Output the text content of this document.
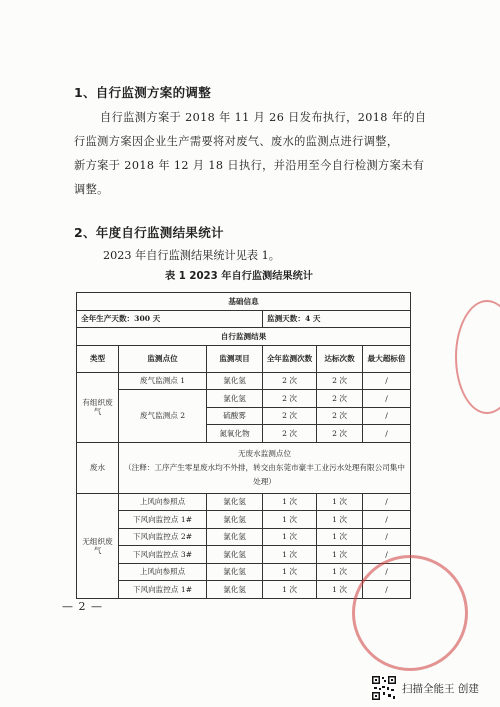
1、自行监测方案的调整
自行监测方案于 2018 年 11 月 26 日发布执行，2018 年的自
行监测方案因企业生产需要将对废气、废水的监测点进行调整，
新方案于 2018 年 12 月 18 日执行，并沿用至今自行检测方案未有
调整。
2、年度自行监测结果统计
2023 年自行监测结果统计见表 1。
表 1 2023 年自行监测结果统计
基础信息					
全年生产天数：300 天			监测天数：4 天		
自行监测结果					
类型	监测点位	监测项目	全年监测次数	达标次数	最大超标倍
有组织废气	废气监测点 1	氯化氢	2 次	2 次	/
	废气监测点 2	氯化氢	2 次	2 次	/
		硫酸雾	2 次	2 次	/
		氮氧化物	2 次	2 次	/
废水	无废水监测点位
（注释：工序产生零星废水均不外排，转交由东莞市豪丰工业污水处理有限公司集中处理）				
无组织废气	上风向参照点	氯化氢	1 次	1 次	/
	下风向监控点 1#	氯化氢	1 次	1 次	/
	下风向监控点 2#	氯化氢	1 次	1 次	/
	下风向监控点 3#	氯化氢	1 次	1 次	/
	上风向参照点	氯化氢	1 次	1 次	/
	下风向监控点 1#	氯化氢	1 次	1 次	/
— 2 —
扫描全能王 创建
